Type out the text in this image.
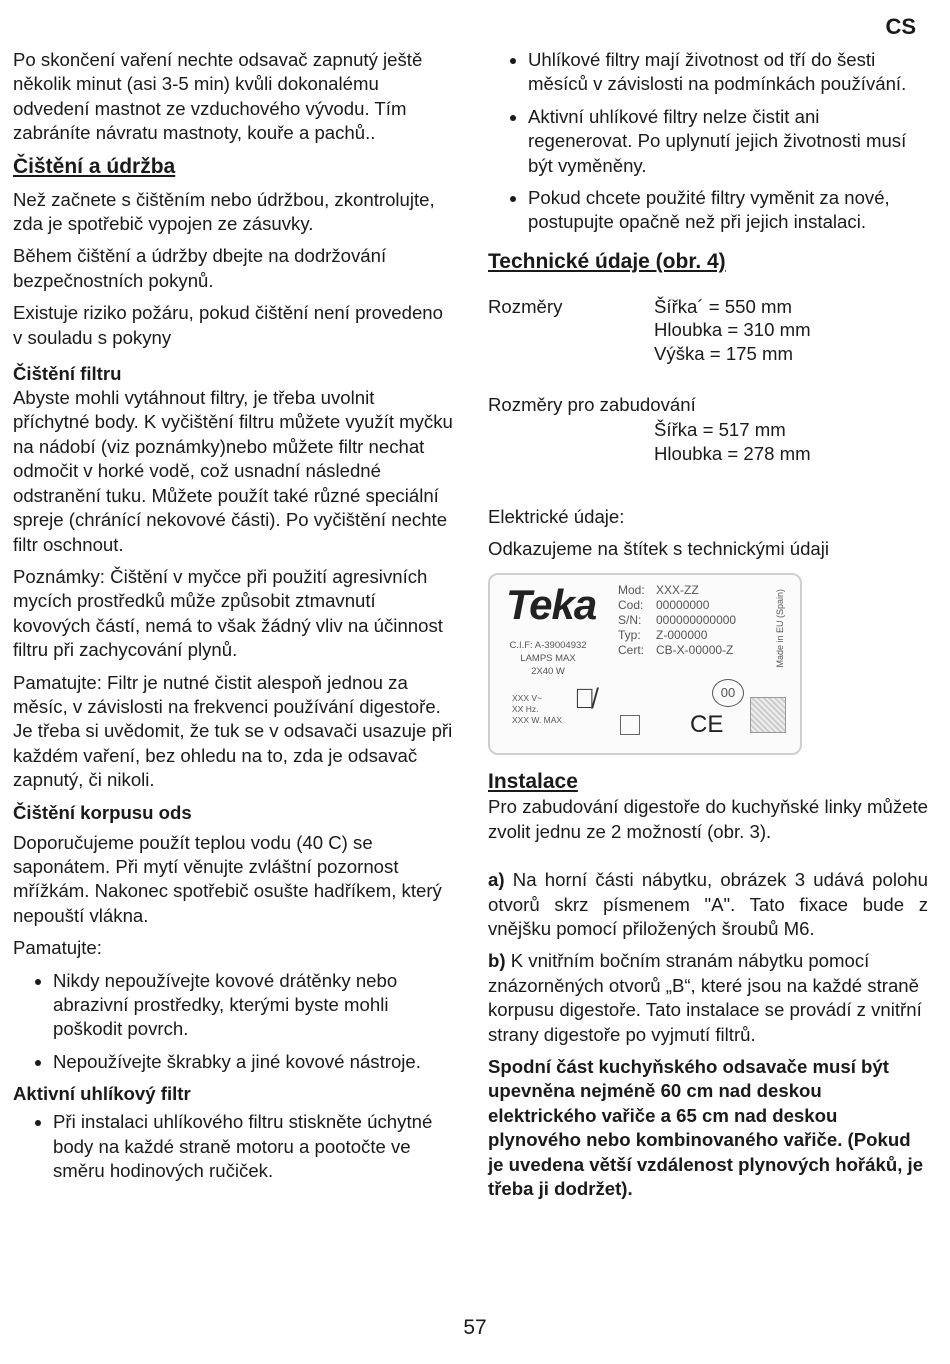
CS

Po skončení vaření nechte odsavač zapnutý ještě několik minut (asi 3-5 min) kvůli dokonalému odvedení mastnot ze vzduchového vývodu. Tím zabráníte návratu mastnoty, kouře a pachů..

Čištění a údržba

Než začnete s čištěním nebo údržbou, zkontrolujte, zda je spotřebič vypojen ze zásuvky.

Během čištění a údržby dbejte na dodržování bezpečnostních pokynů.

Existuje riziko požáru, pokud čištění není provedeno v souladu s pokyny

Čištění filtru

Abyste mohli vytáhnout filtry, je třeba uvolnit příchytné body. K vyčištění filtru můžete využít myčku na nádobí (viz poznámky)nebo můžete filtr nechat odmočit v horké vodě, což usnadní následné odstranění tuku. Můžete použít také různé speciální spreje (chránící nekovové části). Po vyčištění nechte filtr oschnout.

Poznámky: Čištění v myčce při použití agresivních mycích prostředků může způsobit ztmavnutí kovových částí, nemá to však žádný vliv na účinnost filtru při zachycování plynů.

Pamatujte: Filtr je nutné čistit alespoň jednou za měsíc, v závislosti na frekvenci používání digestoře. Je třeba si uvědomit, že tuk se v odsavači usazuje při každém vaření, bez ohledu na to, zda je odsavač zapnutý, či nikoli.

Čištění korpusu ods

Doporučujeme použít teplou vodu (40 C) se saponátem. Při mytí věnujte zvláštní pozornost mřížkám. Nakonec spotřebič osušte hadříkem, který nepouští vlákna.

Pamatujte:

• Nikdy nepoužívejte kovové drátěnky nebo abrazivní prostředky, kterými byste mohli poškodit povrch.
• Nepoužívejte škrabky a jiné kovové nástroje.
Aktivní uhlíkový filtr
• Při instalaci uhlíkového filtru stiskněte úchytné body na každé straně motoru a pootočte ve směru hodinových ručiček.
• Uhlíkové filtry mají životnost od tří do šesti měsíců v závislosti na podmínkách používání.
• Aktivní uhlíkové filtry nelze čistit ani regenerovat. Po uplynutí jejich životnosti musí být vyměněny.
• Pokud chcete použité filtry vyměnit za nové, postupujte opačně než při jejich instalaci.
Technické údaje (obr. 4)
Rozměry	Šířka´ = 550 mm
Hloubka = 310 mm
Výška = 175 mm
Rozměry pro zabudování
Šířka = 517 mm
Hloubka = 278 mm

Elektrické údaje:

Odkazujeme na štítek s technickými údaji

Teka
C.I.F: A-39004932
LAMPS MAX
2X40 W
Mod: XXX-ZZ
Cod:	00000000
S/N:	000000000000
Typ:	Z-000000
Cert: CB-X-00000-Z
XXX V~
XX Hz.
XXX W. MAX
🗑̸	00
CE
Made in EU (Spain)
Instalace

Pro zabudování digestoře do kuchyňské linky můžete zvolit jednu ze 2 možností (obr. 3).

a) Na horní části nábytku, obrázek 3 udává polohu otvorů skrz písmenem "A". Tato fixace bude z vnějšku pomocí přiložených šroubů M6.

b) K vnitřním bočním stranám nábytku pomocí znázorněných otvorů „B“, které jsou na každé straně korpusu digestoře. Tato instalace se provádí z vnitřní strany digestoře po vyjmutí filtrů.

Spodní část kuchyňského odsavače musí být upevněna nejméně 60 cm nad deskou elektrického vařiče a 65 cm nad deskou plynového nebo kombinovaného vařiče. (Pokud je uvedena větší vzdálenost plynových hořáků, je třeba ji dodržet).

57
